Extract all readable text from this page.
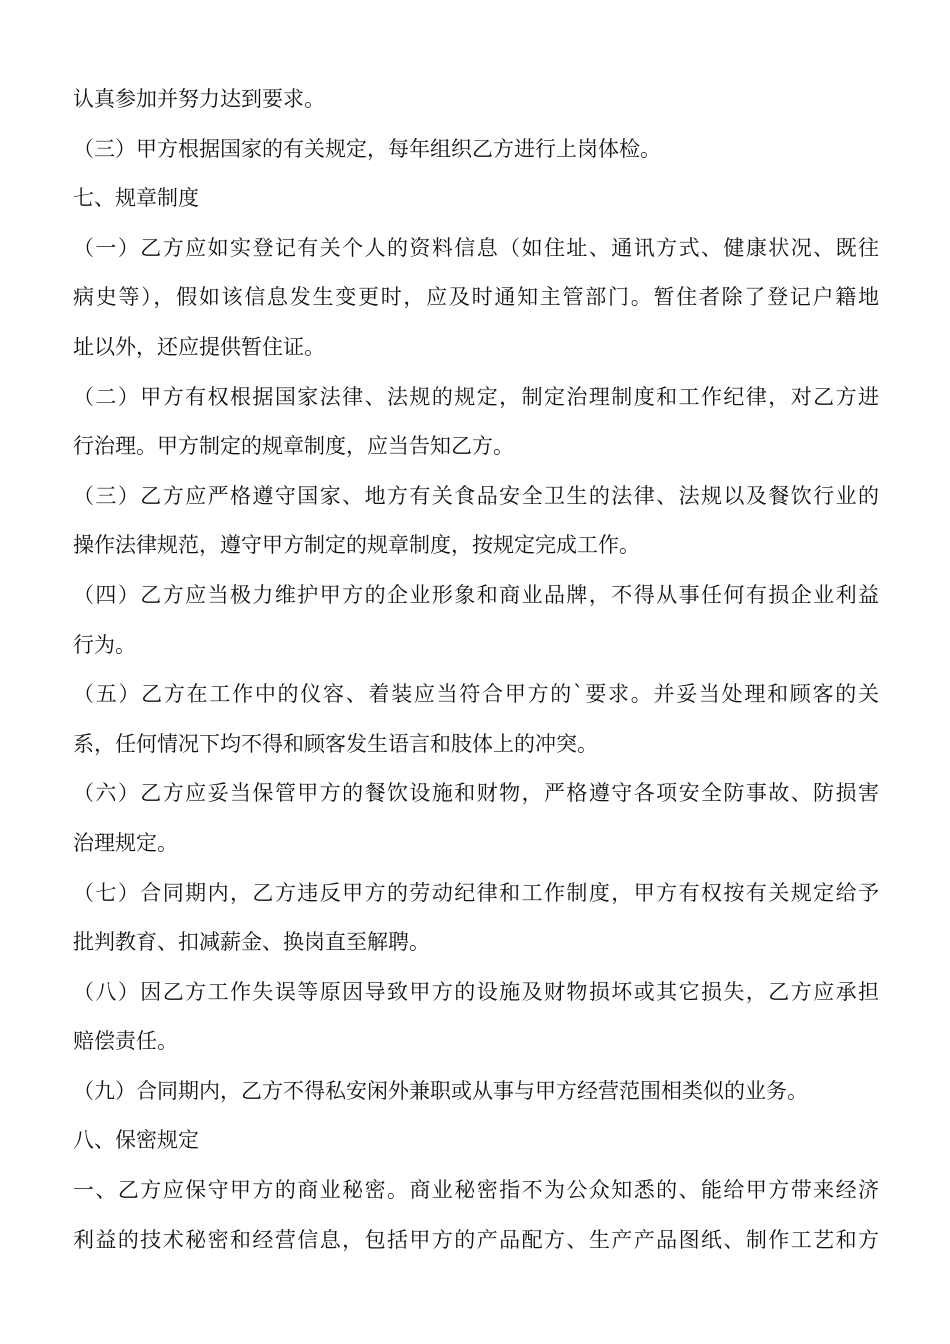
认真参加并努力达到要求。
（三）甲方根据国家的有关规定，每年组织乙方进行上岗体检。
七、规章制度
（一）乙方应如实登记有关个人的资料信息（如住址、通讯方式、健康状况、既往
病史等），假如该信息发生变更时，应及时通知主管部门。暂住者除了登记户籍地
址以外，还应提供暂住证。
（二）甲方有权根据国家法律、法规的规定，制定治理制度和工作纪律，对乙方进
行治理。甲方制定的规章制度，应当告知乙方。
（三）乙方应严格遵守国家、地方有关食品安全卫生的法律、法规以及餐饮行业的
操作法律规范，遵守甲方制定的规章制度，按规定完成工作。
（四）乙方应当极力维护甲方的企业形象和商业品牌，不得从事任何有损企业利益
行为。
（五）乙方在工作中的仪容、着装应当符合甲方的`要求。并妥当处理和顾客的关
系，任何情况下均不得和顾客发生语言和肢体上的冲突。
（六）乙方应妥当保管甲方的餐饮设施和财物，严格遵守各项安全防事故、防损害
治理规定。
（七）合同期内，乙方违反甲方的劳动纪律和工作制度，甲方有权按有关规定给予
批判教育、扣减薪金、换岗直至解聘。
（八）因乙方工作失误等原因导致甲方的设施及财物损坏或其它损失，乙方应承担
赔偿责任。
（九）合同期内，乙方不得私安闲外兼职或从事与甲方经营范围相类似的业务。
八、保密规定
一、乙方应保守甲方的商业秘密。商业秘密指不为公众知悉的、能给甲方带来经济
利益的技术秘密和经营信息，包括甲方的产品配方、生产产品图纸、制作工艺和方
